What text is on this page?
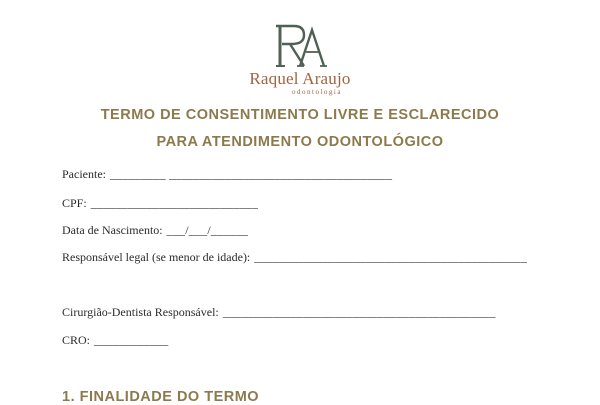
Raquel Araujo
odontologia
TERMO DE CONSENTIMENTO LIVRE E ESCLARECIDO
PARA ATENDIMENTO ODONTOLÓGICO
Paciente: _________ ____________________________________
CPF: ___________________________
Data de Nascimento: ___/___/______
Responsável legal (se menor de idade): ____________________________________________
Cirurgião-Dentista Responsável: ____________________________________________
CRO: ____________
1. FINALIDADE DO TERMO
